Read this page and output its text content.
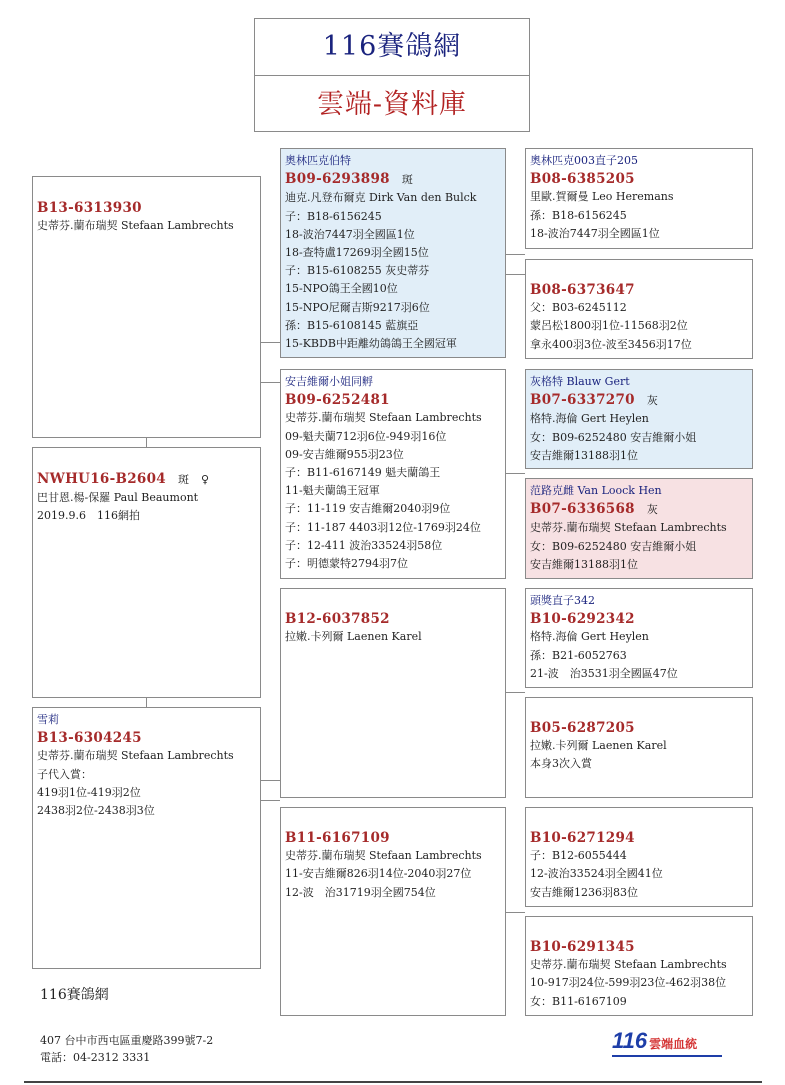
116賽鴿網
雲端-資料庫
B13-6313930
史蒂芬.蘭布瑞契 Stefaan Lambrechts
NWHU16-B2604 斑 ♀
巴甘恩.楊-保羅 Paul Beaumont
2019.9.6　116網拍
雪莉
B13-6304245
史蒂芬.蘭布瑞契 Stefaan Lambrechts
子代入賞：
419羽1位-419羽2位
2438羽2位-2438羽3位
奧林匹克伯特
B09-6293898 斑
迪克.凡登布爾克 Dirk Van den Bulck
子：B18-6156245
18-波治7447羽全國區1位
18-查特盧17269羽全國15位
子：B15-6108255 灰史蒂芬
15-NPO鴿王全國10位
15-NPO尼爾吉斯9217羽6位
孫：B15-6108145 藍旗亞
15-KBDB中距離幼鴿鴿王全國冠軍
安吉維爾小姐同孵
B09-6252481
史蒂芬.蘭布瑞契 Stefaan Lambrechts
09-魁夫蘭712羽6位-949羽16位
09-安吉維爾955羽23位
子：B11-6167149 魁夫蘭鴿王
11-魁夫蘭鴿王冠軍
子：11-119 安吉維爾2040羽9位
子：11-187 4403羽12位-1769羽24位
子：12-411 波治33524羽58位
子：明德蒙特2794羽7位
B12-6037852
拉嫩.卡列爾 Laenen Karel
B11-6167109
史蒂芬.蘭布瑞契 Stefaan Lambrechts
11-安吉維爾826羽14位-2040羽27位
12-波　治31719羽全國754位
奧林匹克003直子205
B08-6385205
里歐.賀爾曼 Leo Heremans
孫：B18-6156245
18-波治7447羽全國區1位
B08-6373647
父：B03-6245112
蒙呂松1800羽1位-11568羽2位
拿永400羽3位-波至3456羽17位
灰格特 Blauw Gert
B07-6337270 灰
格特.海倫 Gert Heylen
女：B09-6252480 安吉維爾小姐
安吉維爾13188羽1位
范路克雌 Van Loock Hen
B07-6336568 灰
史蒂芬.蘭布瑞契 Stefaan Lambrechts
女：B09-6252480 安吉維爾小姐
安吉維爾13188羽1位
頭獎直子342
B10-6292342
格特.海倫 Gert Heylen
孫：B21-6052763
21-波　治3531羽全國區47位
B05-6287205
拉嫩.卡列爾 Laenen Karel
本身3次入賞
B10-6271294
子：B12-6055444
12-波治33524羽全國41位
安吉維爾1236羽83位
B10-6291345
史蒂芬.蘭布瑞契 Stefaan Lambrechts
10-917羽24位-599羽23位-462羽38位
女：B11-6167109
116賽鴿網
407 台中市西屯區重慶路399號7-2
電話：04-2312 3331
116 雲端血統
